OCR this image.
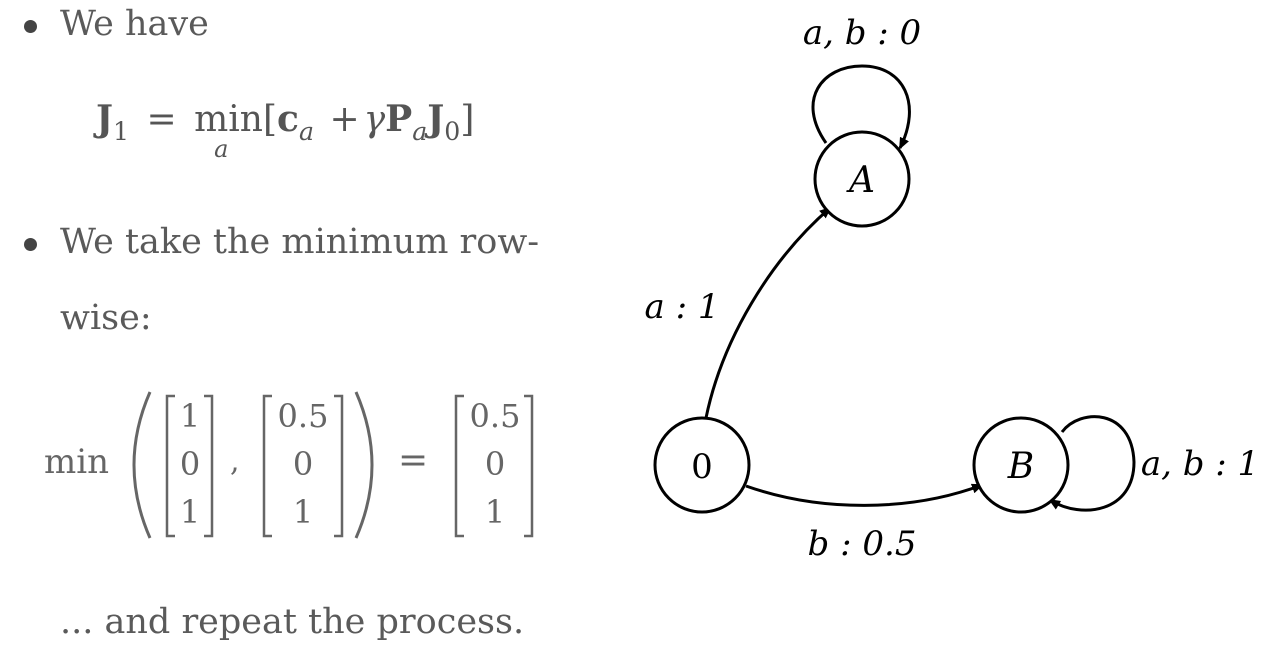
We have
$J_1 = \min$
a
$[c_a + \gamma P_aJ_0]$
We take the minimum row-
wise:
min
1
0
1
,
0.5
0
1
=
0.5
0
1
... and repeat the process.
A
0	B
a, b : 0
a : 1
b : 0.5
a, b : 1
